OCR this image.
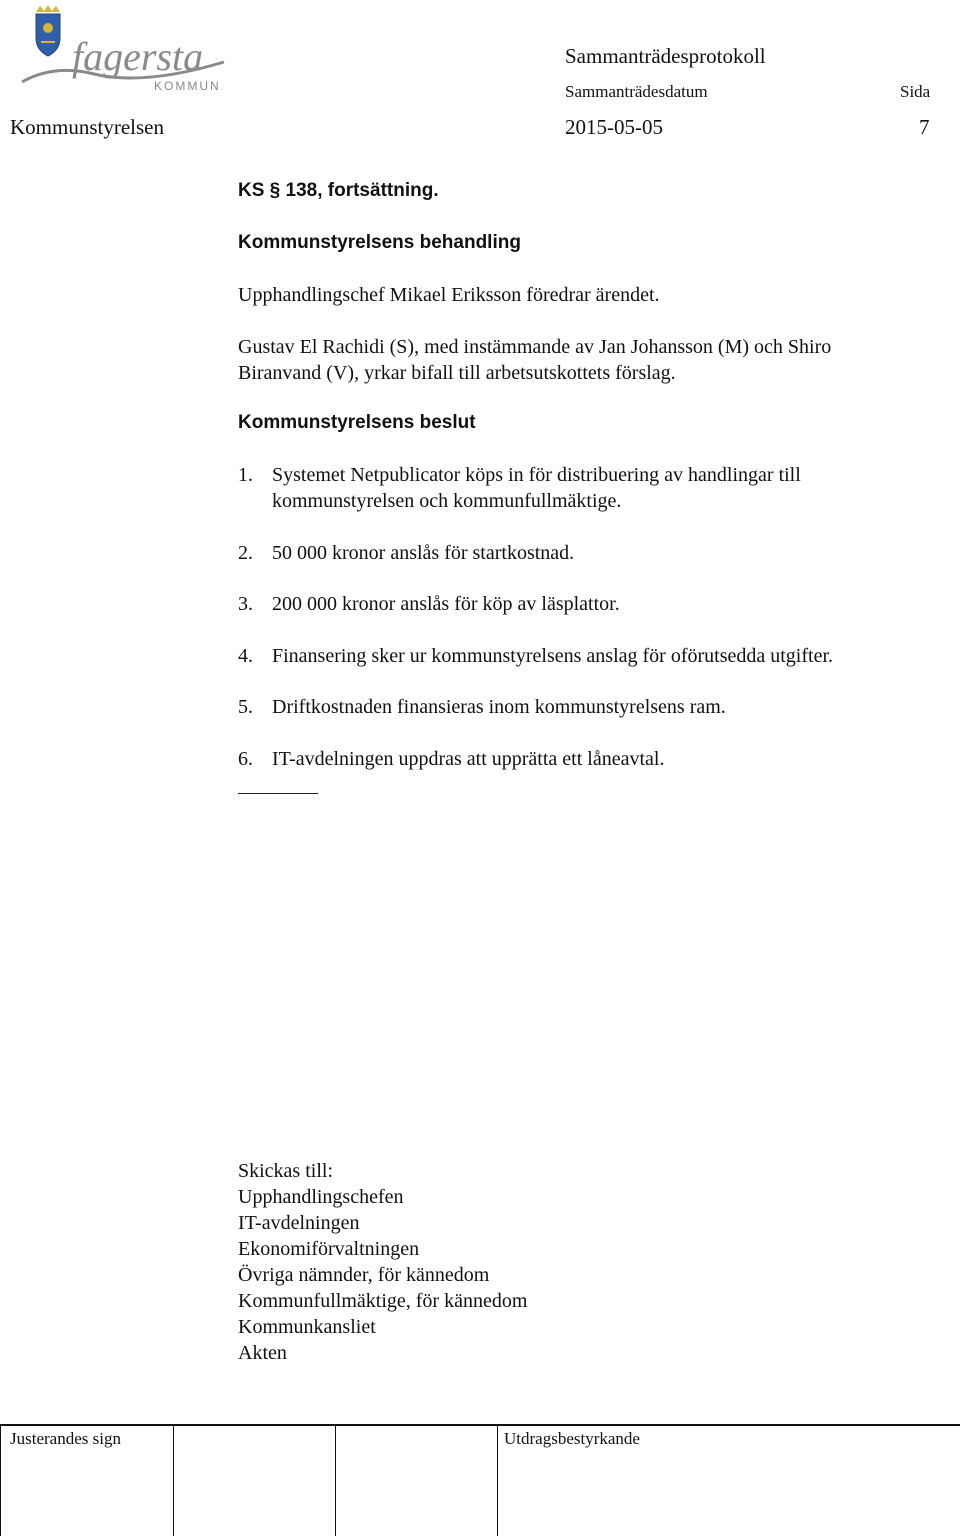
fagersta
KOMMUN
Sammanträdesprotokoll
Sammanträdesdatum	Sida
Kommunstyrelsen	2015-05-05	7
KS § 138, fortsättning.
Kommunstyrelsens behandling
Upphandlingschef Mikael Eriksson föredrar ärendet.
Gustav El Rachidi (S), med instämmande av Jan Johansson (M) och Shiro
Biranvand (V), yrkar bifall till arbetsutskottets förslag.
Kommunstyrelsens beslut
1. Systemet Netpublicator köps in för distribuering av handlingar till
kommunstyrelsen och kommunfullmäktige.
2. 50 000 kronor anslås för startkostnad.
3. 200 000 kronor anslås för köp av läsplattor.
4. Finansering sker ur kommunstyrelsens anslag för oförutsedda utgifter.
5. Driftkostnaden finansieras inom kommunstyrelsens ram.
6. IT-avdelningen uppdras att upprätta ett låneavtal.
Skickas till:
Upphandlingschefen
IT-avdelningen
Ekonomiförvaltningen
Övriga nämnder, för kännedom
Kommunfullmäktige, för kännedom
Kommunkansliet
Akten
Justerandes sign	Utdragsbestyrkande
